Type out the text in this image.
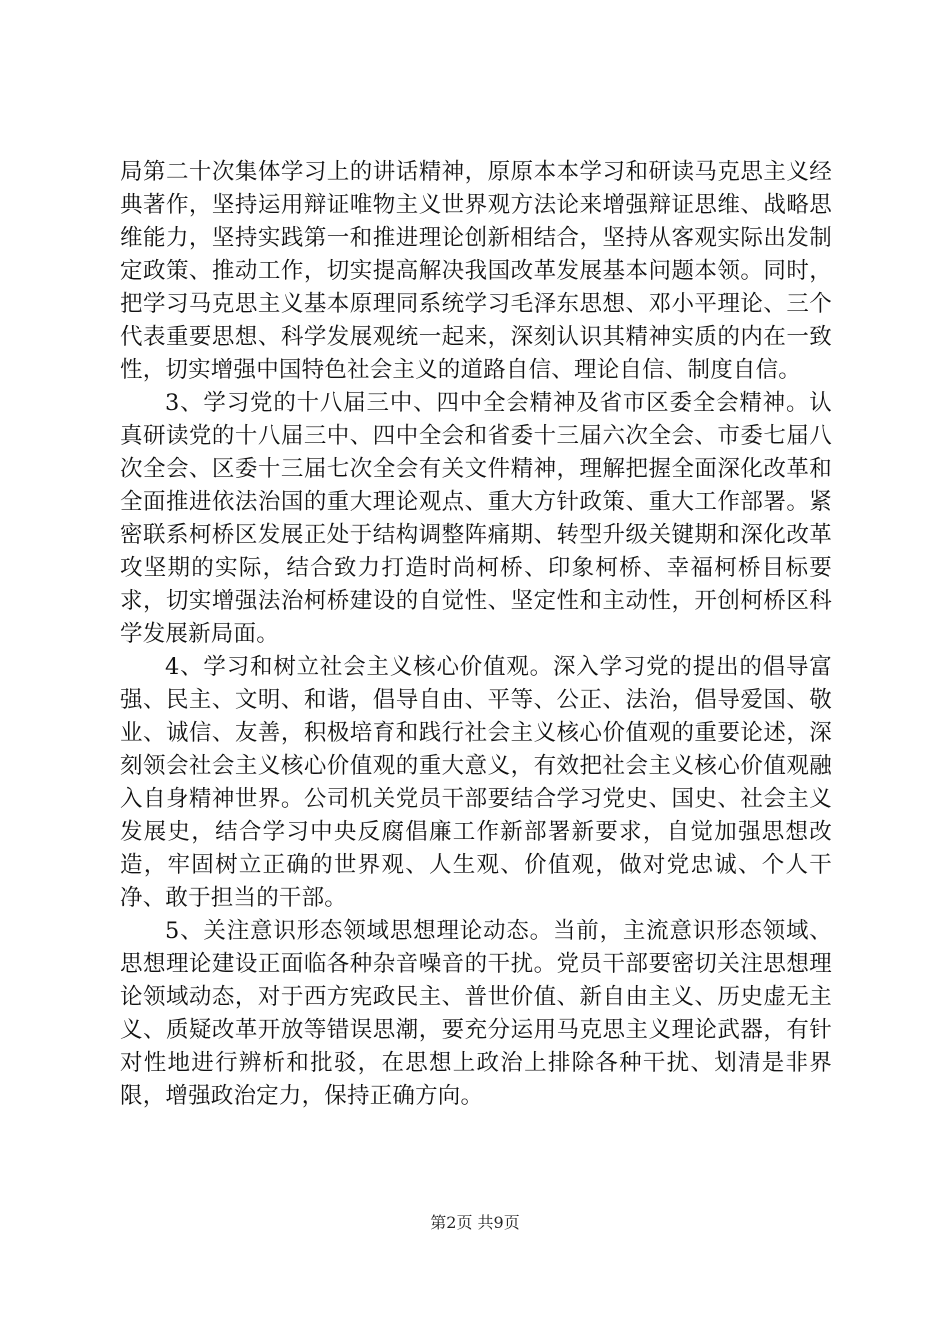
局第二十次集体学习上的讲话精神，原原本本学习和研读马克思主义经典著作，坚持运用辩证唯物主义世界观方法论来增强辩证思维、战略思维能力，坚持实践第一和推进理论创新相结合，坚持从客观实际出发制定政策、推动工作，切实提高解决我国改革发展基本问题本领。同时，把学习马克思主义基本原理同系统学习毛泽东思想、邓小平理论、三个代表重要思想、科学发展观统一起来，深刻认识其精神实质的内在一致性，切实增强中国特色社会主义的道路自信、理论自信、制度自信。

3、学习党的十八届三中、四中全会精神及省市区委全会精神。认真研读党的十八届三中、四中全会和省委十三届六次全会、市委七届八次全会、区委十三届七次全会有关文件精神，理解把握全面深化改革和全面推进依法治国的重大理论观点、重大方针政策、重大工作部署。紧密联系柯桥区发展正处于结构调整阵痛期、转型升级关键期和深化改革攻坚期的实际，结合致力打造时尚柯桥、印象柯桥、幸福柯桥目标要求，切实增强法治柯桥建设的自觉性、坚定性和主动性，开创柯桥区科学发展新局面。

4、学习和树立社会主义核心价值观。深入学习党的提出的倡导富强、民主、文明、和谐，倡导自由、平等、公正、法治，倡导爱国、敬业、诚信、友善，积极培育和践行社会主义核心价值观的重要论述，深刻领会社会主义核心价值观的重大意义，有效把社会主义核心价值观融入自身精神世界。公司机关党员干部要结合学习党史、国史、社会主义发展史，结合学习中央反腐倡廉工作新部署新要求，自觉加强思想改造，牢固树立正确的世界观、人生观、价值观，做对党忠诚、个人干净、敢于担当的干部。

5、关注意识形态领域思想理论动态。当前，主流意识形态领域、思想理论建设正面临各种杂音噪音的干扰。党员干部要密切关注思想理论领域动态，对于西方宪政民主、普世价值、新自由主义、历史虚无主义、质疑改革开放等错误思潮，要充分运用马克思主义理论武器，有针对性地进行辨析和批驳，在思想上政治上排除各种干扰、划清是非界限，增强政治定力，保持正确方向。

第2页 共9页
